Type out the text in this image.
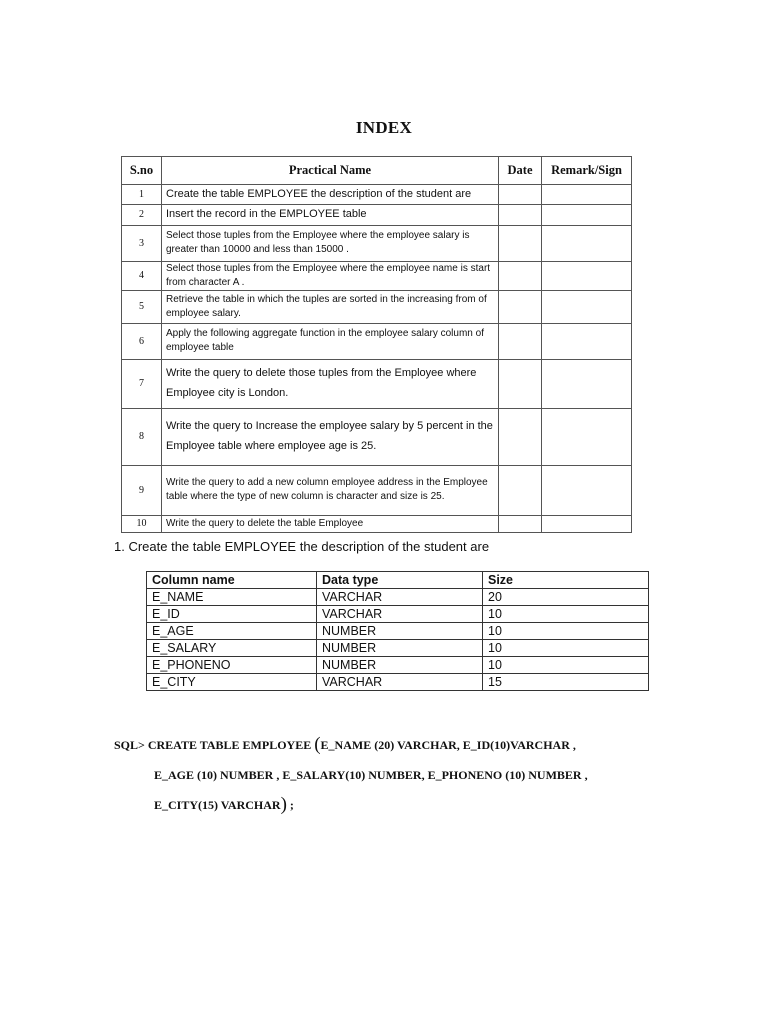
INDEX
S.no	Practical Name	Date	Remark/Sign
1	Create the table EMPLOYEE the description of the student are		
2	Insert the record in the EMPLOYEE table		
3	Select those tuples from the Employee where the employee salary is greater than 10000 and less than 15000 .		
4	Select those tuples from the Employee where the employee name is start from character A .		
5	Retrieve the table in which the tuples are sorted in the increasing from of employee salary.		
6	Apply the following aggregate function in the employee salary column of employee table		
7	Write the query to delete those tuples from the Employee where Employee city is London.		
8	Write the query to Increase the employee salary by 5 percent in the Employee table where employee age is 25.		
9	Write the query to add a new column employee address in the Employee table where the type of new column is character and size is 25.		
10	Write the query to delete the table Employee		
1. Create the table EMPLOYEE the description of the student are
Column name	Data type	Size
E_NAME	VARCHAR	20
E_ID	VARCHAR	10
E_AGE	NUMBER	10
E_SALARY	NUMBER	10
E_PHONENO	NUMBER	10
E_CITY	VARCHAR	15
SQL> CREATE TABLE EMPLOYEE (E_NAME (20) VARCHAR, E_ID(10)VARCHAR ,
E_AGE (10) NUMBER , E_SALARY(10) NUMBER, E_PHONENO (10) NUMBER ,
E_CITY(15) VARCHAR) ;
